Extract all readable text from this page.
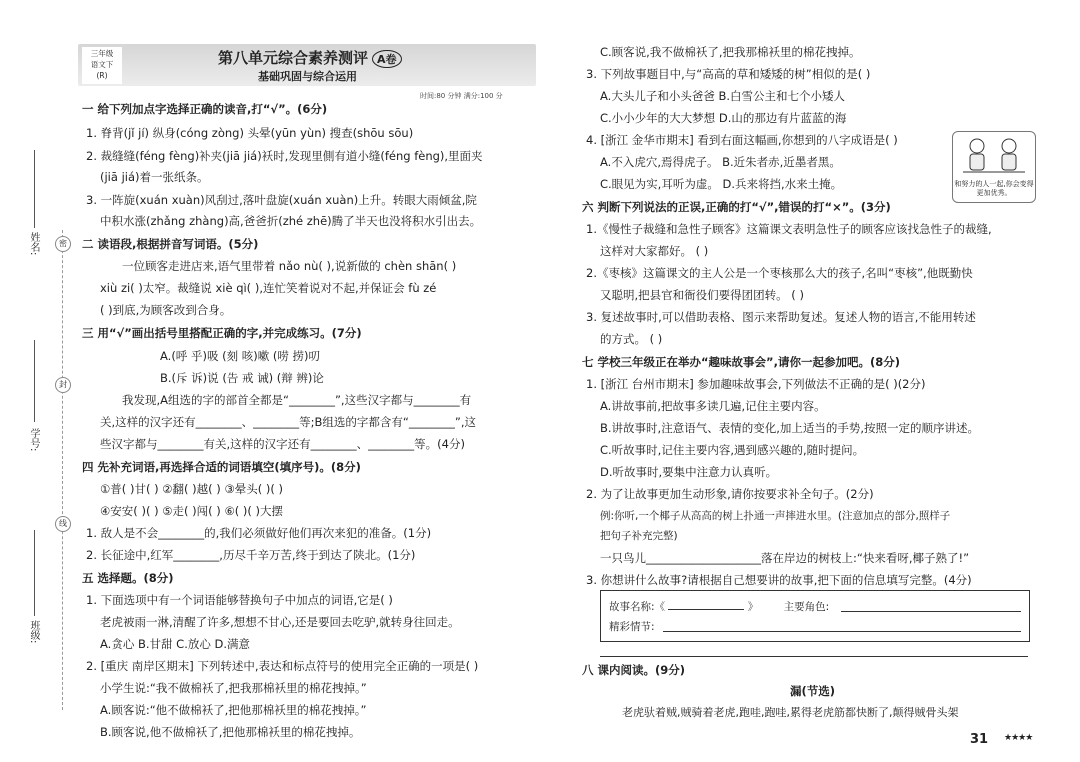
密
封
线
姓名:
学号:
班级:
三年级
语文下
(R)
第八单元综合素养测评 A卷
基础巩固与综合运用
时间:80 分钟 满分:100 分
一 给下列加点字选择正确的读音,打“√”。(6分)
1. 脊背(jǐ jí) 纵身(cóng zòng) 头晕(yūn yùn) 搜查(shōu sōu)
2. 裁缝缝(féng fèng)补夹(jiā jiá)袄时,发现里側有道小缝(féng fèng),里面夹
(jiā jiá)着一张纸条。
3. 一阵旋(xuán xuàn)风刮过,落叶盘旋(xuán xuàn)上升。转眼大雨倾盆,院
中积水涨(zhǎng zhàng)高,爸爸折(zhé zhē)腾了半天也没将积水引出去。
二 读语段,根据拼音写词语。(5分)
一位顾客走进店来,语气里带着 nǎo nù( ),说新做的 chèn shān( )
xiù zi( )太窄。裁缝说 xiè qì( ),连忙笑着说对不起,并保证会 fù zé
( )到底,为顾客改到合身。
三 用“√”画出括号里搭配正确的字,并完成练习。(7分)
A.(呼 乎)吸 (刻 咳)嗽 (唠 捞)叨
B.(斥 诉)说 (告 戒 诫) (辩 辨)论
我发现,A组选的字的部首全都是“________”,这些汉字都与________有
关,这样的汉字还有________、________等;B组选的字都含有“________”,这
些汉字都与________有关,这样的汉字还有________、________等。(4分)
四 先补充词语,再选择合适的词语填空(填序号)。(8分)
①普( )甘( ) ②翻( )越( ) ③晕头( )( )
④安安( )( ) ⑤走( )闯( ) ⑥( )( )大摆
1. 敌人是不会________的,我们必须做好他们再次来犯的准备。(1分)
2. 长征途中,红军________,历尽千辛万苦,终于到达了陕北。(1分)
五 选择题。(8分)
1. 下面选项中有一个词语能够替换句子中加点的词语,它是( )
老虎被雨一淋,清醒了许多,想想不甘心,还是要回去吃驴,就转身往回走。
A.贪心 B.甘甜 C.放心 D.满意
2. [重庆 南岸区期末] 下列转述中,表达和标点符号的使用完全正确的一项是( )
小学生说:“我不做棉袄了,把我那棉袄里的棉花拽掉。”
A.顾客说:“他不做棉袄了,把他那棉袄里的棉花拽掉。”
B.顾客说,他不做棉袄了,把他那棉袄里的棉花拽掉。
C.顾客说,我不做棉袄了,把我那棉袄里的棉花拽掉。
3. 下列故事题目中,与“高高的草和矮矮的树”相似的是( )
A.大头儿子和小头爸爸 B.白雪公主和七个小矮人
C.小小少年的大大梦想 D.山的那边有片蓝蓝的海
4. [浙江 金华市期末] 看到右面这幅画,你想到的八字成语是( )
A.不入虎穴,焉得虎子。 B.近朱者赤,近墨者黑。
C.眼见为实,耳听为虚。 D.兵来将挡,水来土掩。
六 判断下列说法的正误,正确的打“√”,错误的打“×”。(3分)
1.《慢性子裁缝和急性子顾客》这篇课文表明急性子的顾客应该找急性子的裁缝,
这样对大家都好。 ( )
2.《枣核》这篇课文的主人公是一个枣核那么大的孩子,名叫“枣核”,他既勤快
又聪明,把县官和衙役们要得团团转。 ( )
3. 复述故事时,可以借助表格、图示来帮助复述。复述人物的语言,不能用转述
的方式。 ( )
七 学校三年级正在举办“趣味故事会”,请你一起参加吧。(8分)
1. [浙江 台州市期末] 参加趣味故事会,下列做法不正确的是( )(2分)
A.讲故事前,把故事多读几遍,记住主要内容。
B.讲故事时,注意语气、表情的变化,加上适当的手势,按照一定的顺序讲述。
C.听故事时,记住主要内容,遇到感兴趣的,随时提问。
D.听故事时,要集中注意力认真听。
2. 为了让故事更加生动形象,请你按要求补全句子。(2分)
例:你听,一个椰子从高高的树上扑通一声摔进水里。(注意加点的部分,照样子
把句子补充完整)
一只鸟儿____________________落在岸边的树枝上:“快来看呀,椰子熟了!”
3. 你想讲什么故事?请根据自己想要讲的故事,把下面的信息填写完整。(4分)
八 课内阅读。(9分)
和努力的人一起,你会变得更加优秀。
故事名称:《	》 主要角色:
精彩情节:
漏(节选)
老虎驮着贼,贼骑着老虎,跑哇,跑哇,累得老虎筋都快断了,颠得贼骨头架
31 ★★★★
